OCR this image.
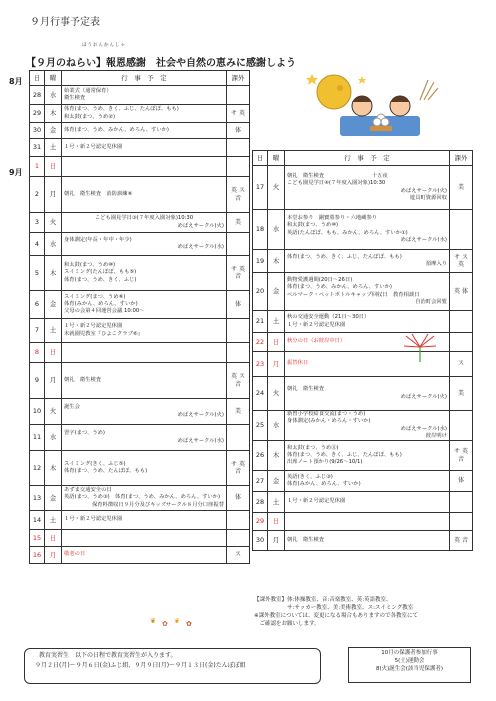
９月行事予定表
ほうおんかんしゃ
【９月のねらい】報恩感謝　社会や自然の恵みに感謝しよう
8月
9月
日	曜	行　事　予　定	課外
28	水	始業式（通常保育）
衛生検査	

29	木	体育(まつ、うめ、きく、ふじ、たんぽぽ、もも)
和太鼓(まつ、うめ②)	サ 英
30	金	体育(まつ、うめ、みかん、めろん、すいか)	体
31	土	１号・新２号認定児休園	

1	日		
2	月	朝礼　衛生検査　消防訓練⑥	英 ス 音
3	火	こども園見学日③(７年度入園対象)10:30
めばえサークル(火)	美
4	水	身体測定(年長・年中・年少)
めばえサークル(水)	

5	木	和太鼓(まつ、うめ⑩)
スイミング(たんぽぽ、もも⑤)
体育(まつ、うめ、きく、ふじ)	サ 英 音
6	金	スイミング(まつ、うめ⑥)
体育(みかん、めろん、すいか)
父母の会第４回運営会議 10:00～	体
7	土	１号・新２号認定児休園
未就園児教室『ひよこクラブ⑥』	

8	日		
9	月	朝礼　衛生検査	英 ス 音
10	火	誕生会
めばえサークル(火)	美
11	水	習字(まつ、うめ)
めばえサークル(水)	

12	木	スイミング(きく、ふじ⑤)
体育(まつ、うめ、たんぽぽ、もも)	サ 英 音
13	金	あずま交通安全の日
英語(まつ、うめ③)　体育(まつ、うめ、みかん、めろん、すいか)
保育料徴収日９月分及びキッズサークル８月分口座振替	体
14	土	１号・新２号認定児休園	

15	日		
16	月	敬老の日	ス
日	曜	行　事　予　定	課外
17	火	朝礼　衛生検査　　　　　　　　　十五夜
こども園見学日④(７年度入園対象)10:30
めばえサークル(火)
遊具町資源回収	美
18	水	本堂お参り　銅寶墓参り・六地蔵参り
和太鼓(まつ、うめ⑩)
英語(たんぽぽ、もも、みかん、めろん、すいか①)
めばえサークル(水)	

19	木	体育(まつ、うめ、きく、ふじ、たんぽぽ、もも)
預摩入り	サ ス 英
20	金	動物愛護週間(20日～26日)
体育(まつ、うめ、みかん、めろん、すいか)
ベルマーク・ペットボトルキャップ回収日　教育相談日
自治町会回覧	英 体
21	土	秋の交通安全運動（21日～30日）
１号・新２号認定児休園	

22	日	秋分の日（お彼岸中日）	

23	月	振替休日	ス
24	火	朝礼　衛生検査
めばえサークル(火)	美
25	水	新曽小学校給食交流(まつ・うめ)
身体測定(みかん・めろん・すいか)
めばえサークル(水)
彼岸明け	

26	木	和太鼓(まつ、うめ⑪)
体育(まつ、うめ、きく、ふじ、たんぽぽ、もも)
出席ノート預かり(9/26～10/1)	サ 英 音
27	金	英語(きく、ふじ③)
体育(みかん、めろん、すいか)	体
28	土	１号・新２号認定児休園	

29	日		
30	月	朝礼　衛生検査	英 音
❦ ✿ ❦ ✿
【課外教室】体:体操教室、音:音楽教室、英:英語教室、
　　　　　　サ:サッカー教室、美:美術教室、ス:スイミング教室
※課外教室については、変更になる場合もありますので各教室にて
　ご確認をお願いします。
教育実習生　以下の日程で教育実習生が入ります。
９月２日(月)～９月６日(金)ふじ組、９月９日(月)～９月１３日(金)たんぽぽ組
10月の保護者参加行事
5(土)運動会
8(火)誕生会(該当児保護者)
